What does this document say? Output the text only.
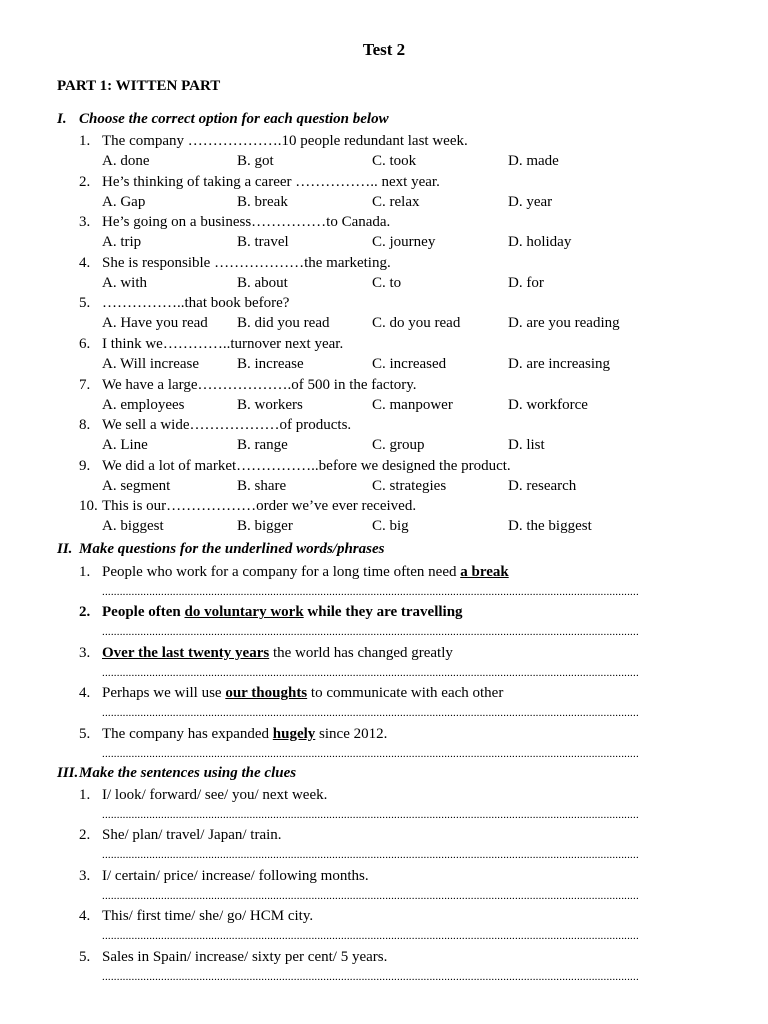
Test 2
PART 1: WITTEN PART
I. Choose the correct option for each question below
1. The company ……………….10 people redundant last week.
A. done	B. got	C. took	D. made
2. He’s thinking of taking a career …………….. next year.
A. Gap	B. break	C. relax	D. year
3. He’s going on a business……………to Canada.
A. trip	B. travel	C. journey	D. holiday
4. She is responsible ………………the marketing.
A. with	B. about	C. to	D. for
5. ……………..that book before?
A. Have you read B. did you read	C. do you read	D. are you reading
6. I think we…………..turnover next year.
A. Will increase	B. increase	C. increased	D. are increasing
7. We have a large……………….of 500 in the factory.
A. employees	B. workers	C. manpower	D. workforce
8. We sell a wide………………of products.
A. Line	B. range	C. group	D. list
9. We did a lot of market……………..before we designed the product.
A. segment	B. share	C. strategies	D. research
10. This is our………………order we’ve ever received.
A. biggest	B. bigger	C. big	D. the biggest
II. Make questions for the underlined words/phrases
1. People who work for a company for a long time often need a break
......................................................................................................................................................................................
2. People often do voluntary work while they are travelling
......................................................................................................................................................................................
3. Over the last twenty years the world has changed greatly
......................................................................................................................................................................................
4. Perhaps we will use our thoughts to communicate with each other
......................................................................................................................................................................................
5. The company has expanded hugely since 2012.
......................................................................................................................................................................................
III.Make the sentences using the clues
1. I/ look/ forward/ see/ you/ next week.
......................................................................................................................................................................................
2. She/ plan/ travel/ Japan/ train.
......................................................................................................................................................................................
3. I/ certain/ price/ increase/ following months.
......................................................................................................................................................................................
4. This/ first time/ she/ go/ HCM city.
......................................................................................................................................................................................
5. Sales in Spain/ increase/ sixty per cent/ 5 years.
......................................................................................................................................................................................
